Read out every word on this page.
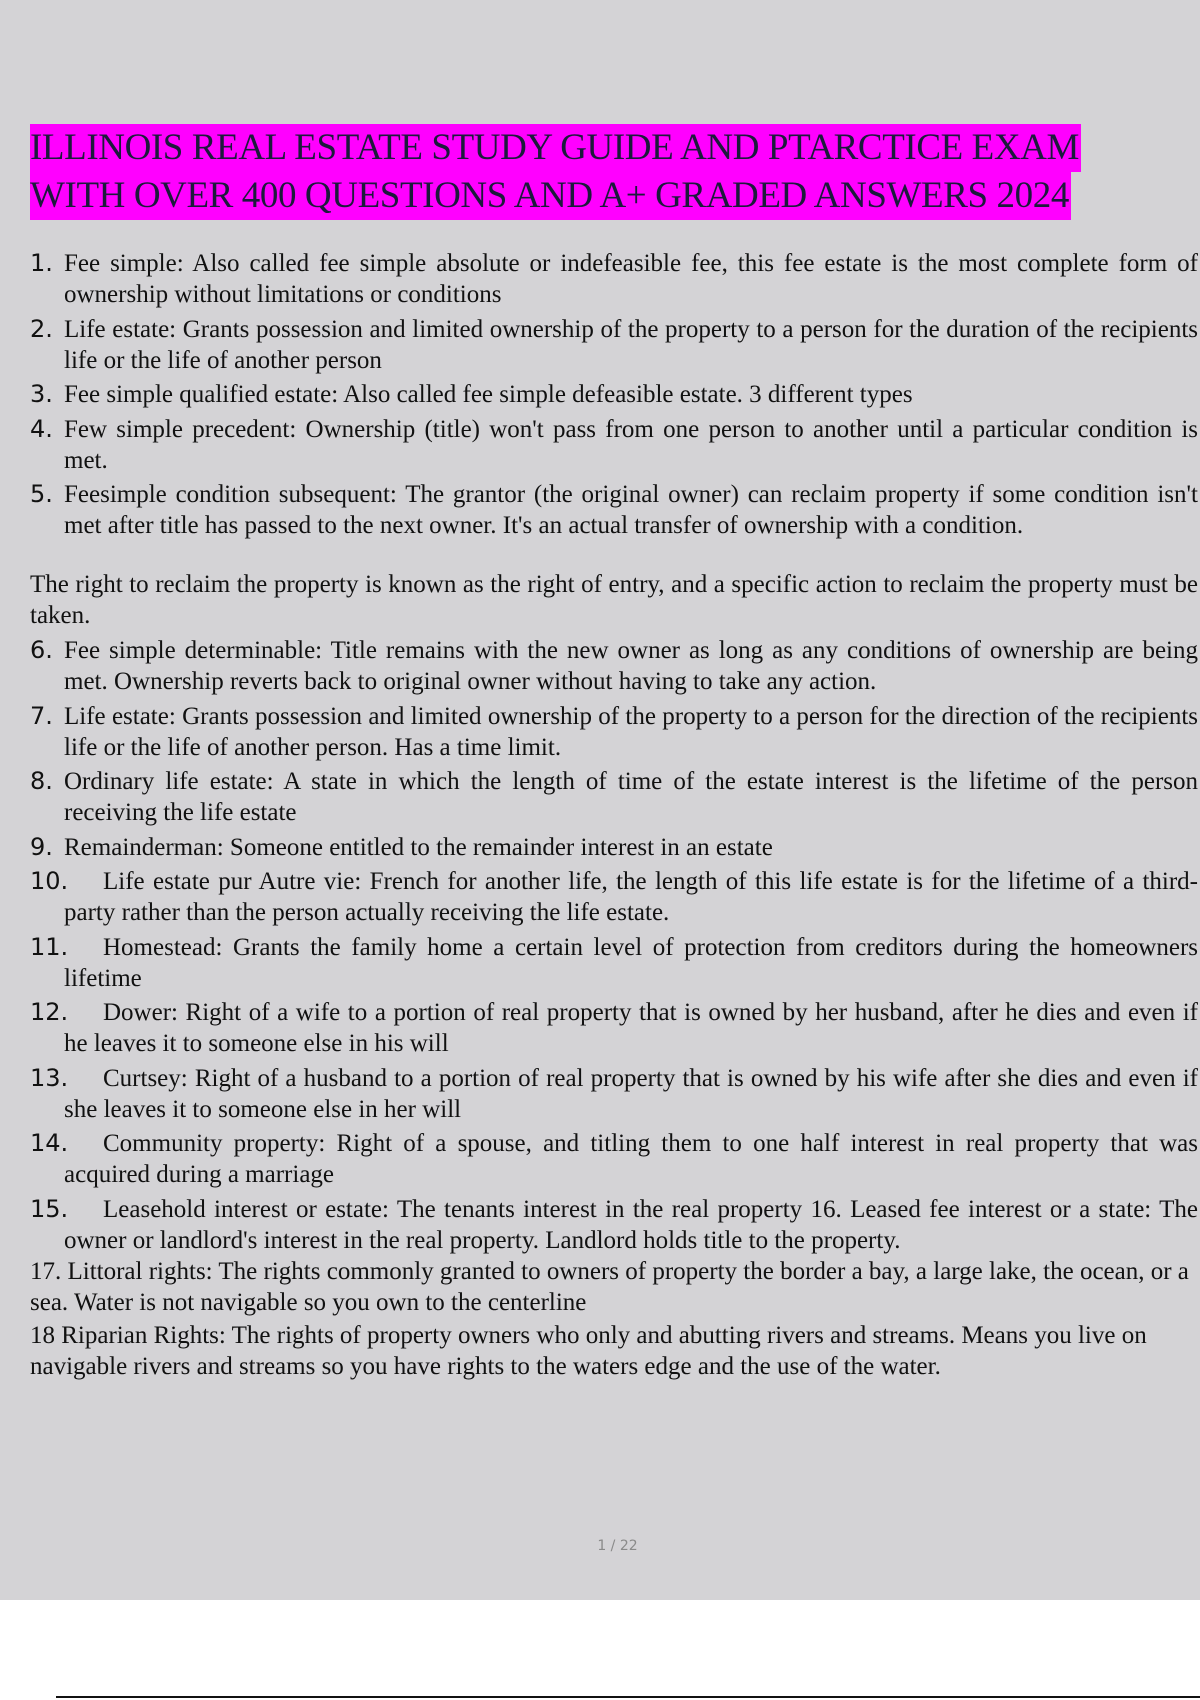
ILLINOIS REAL ESTATE STUDY GUIDE AND PTARCTICE EXAM
WITH OVER 400 QUESTIONS AND A+ GRADED ANSWERS 2024
1. Fee simple: Also called fee simple absolute or indefeasible fee, this fee estate is the most complete form of ownership without limitations or conditions
2. Life estate: Grants possession and limited ownership of the property to a person for the duration of the recipients life or the life of another person
3. Fee simple qualified estate: Also called fee simple defeasible estate. 3 different types
4. Few simple precedent: Ownership (title) won't pass from one person to another until a particular condition is met.
5. Feesimple condition subsequent: The grantor (the original owner) can reclaim property if some condition isn't met after title has passed to the next owner. It's an actual transfer of ownership with a condition.
The right to reclaim the property is known as the right of entry, and a specific action to reclaim the property must be taken.
6. Fee simple determinable: Title remains with the new owner as long as any conditions of ownership are being met. Ownership reverts back to original owner without having to take any action.
7. Life estate: Grants possession and limited ownership of the property to a person for the direction of the recipients life or the life of another person. Has a time limit.
8. Ordinary life estate: A state in which the length of time of the estate interest is the lifetime of the person receiving the life estate
9. Remainderman: Someone entitled to the remainder interest in an estate
10.	Life estate pur Autre vie: French for another life, the length of this life estate is for the lifetime of a third-party rather than the person actually receiving the life estate.
11.	Homestead: Grants the family home a certain level of protection from creditors during the homeowners lifetime
12.	Dower: Right of a wife to a portion of real property that is owned by her husband, after he dies and even if he leaves it to someone else in his will
13.	Curtsey: Right of a husband to a portion of real property that is owned by his wife after she dies and even if she leaves it to someone else in her will
14.	Community property: Right of a spouse, and titling them to one half interest in real property that was acquired during a marriage
15.	Leasehold interest or estate: The tenants interest in the real property 16. Leased fee interest or a state: The owner or landlord's interest in the real property. Landlord holds title to the property.
17. Littoral rights: The rights commonly granted to owners of property the border a bay, a large lake, the ocean, or a sea. Water is not navigable so you own to the centerline
18 Riparian Rights: The rights of property owners who only and abutting rivers and streams. Means you live on navigable rivers and streams so you have rights to the waters edge and the use of the water.
1 / 22
